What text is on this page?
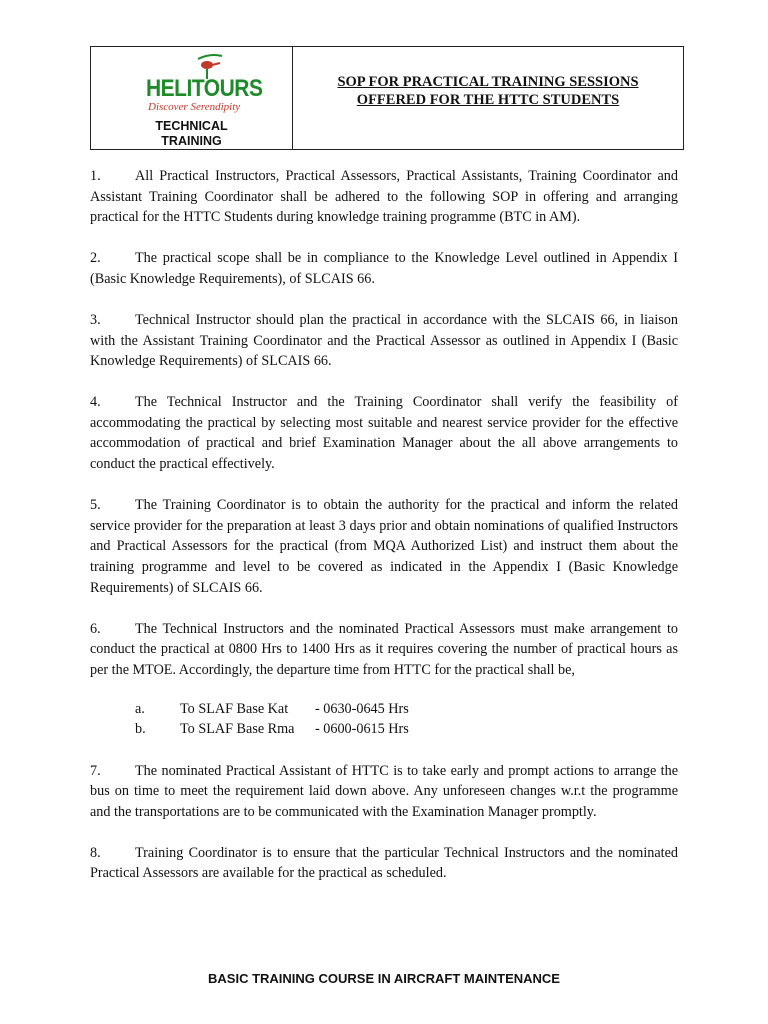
HELITOURS
Discover Serendipity
TECHNICAL
TRAINING
SOP FOR PRACTICAL TRAINING SESSIONS
OFFERED FOR THE HTTC STUDENTS

1. All Practical Instructors, Practical Assessors, Practical Assistants, Training Coordinator and Assistant Training Coordinator shall be adhered to the following SOP in offering and arranging practical for the HTTC Students during knowledge training programme (BTC in AM).

2. The practical scope shall be in compliance to the Knowledge Level outlined in Appendix I (Basic Knowledge Requirements), of SLCAIS 66.

3. Technical Instructor should plan the practical in accordance with the SLCAIS 66, in liaison with the Assistant Training Coordinator and the Practical Assessor as outlined in Appendix I (Basic Knowledge Requirements) of SLCAIS 66.

4. The Technical Instructor and the Training Coordinator shall verify the feasibility of accommodating the practical by selecting most suitable and nearest service provider for the effective accommodation of practical and brief Examination Manager about the all above arrangements to conduct the practical effectively.

5. The Training Coordinator is to obtain the authority for the practical and inform the related service provider for the preparation at least 3 days prior and obtain nominations of qualified Instructors and Practical Assessors for the practical (from MQA Authorized List) and instruct them about the training programme and level to be covered as indicated in the Appendix I (Basic Knowledge Requirements) of SLCAIS 66.

6. The Technical Instructors and the nominated Practical Assessors must make arrangement to conduct the practical at 0800 Hrs to 1400 Hrs as it requires covering the number of practical hours as per the MTOE. Accordingly, the departure time from HTTC for the practical shall be,

a.	To SLAF Base Kat	- 0630-0645 Hrs
b.	To SLAF Base Rma	- 0600-0615 Hrs

7. The nominated Practical Assistant of HTTC is to take early and prompt actions to arrange the bus on time to meet the requirement laid down above. Any unforeseen changes w.r.t the programme and the transportations are to be communicated with the Examination Manager promptly.

8. Training Coordinator is to ensure that the particular Technical Instructors and the nominated Practical Assessors are available for the practical as scheduled.

BASIC TRAINING COURSE IN AIRCRAFT MAINTENANCE
